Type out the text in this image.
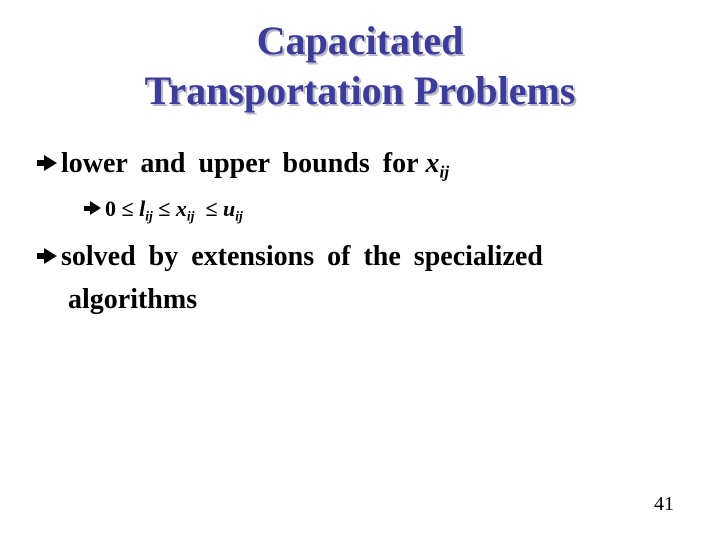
Capacitated
Transportation Problems
lower and upper bounds for $x_{ij}$
$0 \le l_{ij} \le x_{ij} \le u_{ij}$
solved by extensions of the specialized
algorithms
41
